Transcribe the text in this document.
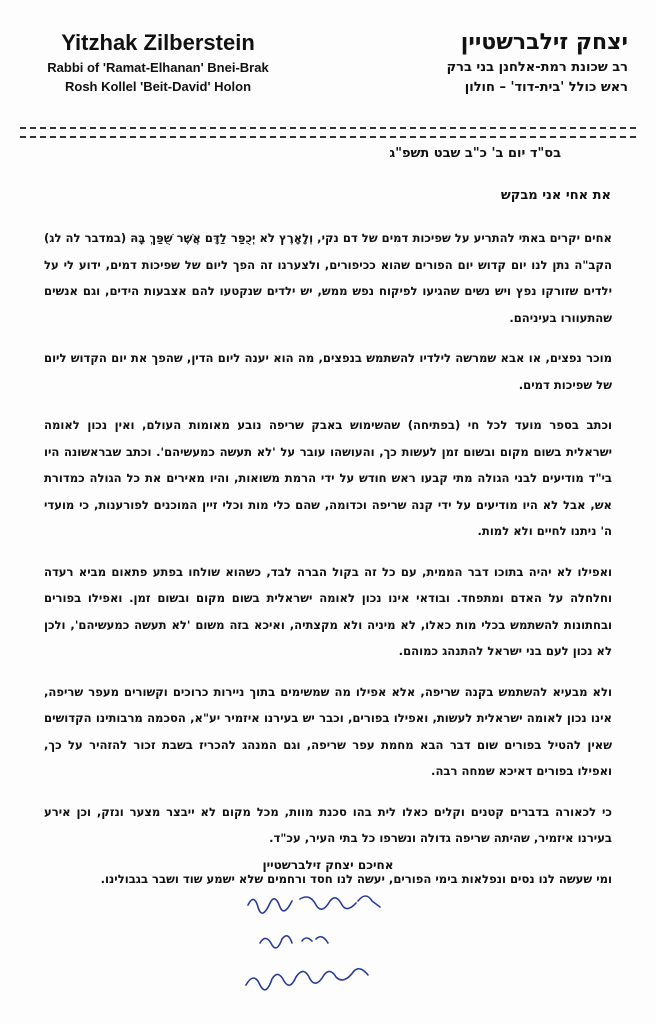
Yitzhak Zilberstein
Rabbi of 'Ramat-Elhanan' Bnei-Brak
Rosh Kollel 'Beit-David' Holon
יצחק זילברשטיין
רב שכונת רמת-אלחנן בני ברק
ראש כולל 'בית-דוד' – חולון
בס"ד יום ב' כ"ב שבט תשפ"ג
את אחי אני מבקש

אחים יקרים באתי להתריע על שפיכות דמים של דם נקי, וְלָאָרֶץ לֹא יְכֻפַּר לַדָּם אֲשֶׁר שֻׁפַּךְ בָּהּ (במדבר לה לג) הקב"ה נתן לנו יום קדוש יום הפורים שהוא ככיפורים, ולצערנו זה הפך ליום של שפיכות דמים, ידוע לי על ילדים שזורקו נפץ ויש נשים שהגיעו לפיקוח נפש ממש, יש ילדים שנקטעו להם אצבעות הידים, וגם אנשים שהתעוורו בעיניהם.

מוכר נפצים, או אבא שמרשה לילדיו להשתמש בנפצים, מה הוא יענה ליום הדין, שהפך את יום הקדוש ליום של שפיכות דמים.

וכתב בספר מועד לכל חי (בפתיחה) שהשימוש באבק שריפה נובע מאומות העולם, ואין נכון לאומה ישראלית בשום מקום ובשום זמן לעשות כך, והעושהו עובר על 'לא תעשה כמעשיהם'. וכתב שבראשונה היו בי"ד מודיעים לבני הגולה מתי קבעו ראש חודש על ידי הרמת משואות, והיו מאירים את כל הגולה כמדורת אש, אבל לא היו מודיעים על ידי קנה שריפה וכדומה, שהם כלי מות וכלי זיין המוכנים לפורענות, כי מועדי ה' ניתנו לחיים ולא למות.

ואפילו לא יהיה בתוכו דבר הממית, עם כל זה בקול הברה לבד, כשהוא שולחו בפתע פתאום מביא רעדה וחלחלה על האדם ומתפחד. ובודאי אינו נכון לאומה ישראלית בשום מקום ובשום זמן. ואפילו בפורים ובחתונות להשתמש בכלי מות כאלו, לא מיניה ולא מקצתיה, ואיכא בזה משום 'לא תעשה כמעשיהם', ולכן לא נכון לעם בני ישראל להתנהג כמוהם.

ולא מבעיא להשתמש בקנה שריפה, אלא אפילו מה שמשימים בתוך ניירות כרוכים וקשורים מעפר שריפה, אינו נכון לאומה ישראלית לעשות, ואפילו בפורים, וכבר יש בעירנו איזמיר יע"א, הסכמה מרבותינו הקדושים שאין להטיל בפורים שום דבר הבא מחמת עפר שריפה, וגם המנהג להכריז בשבת זכור להזהיר על כך, ואפילו בפורים דאיכא שמחה רבה.

כי לכאורה בדברים קטנים וקלים כאלו לית בהו סכנת מוות, מכל מקום לא ייבצר מצער ונזק, וכן אירע בעירנו איזמיר, שהיתה שריפה גדולה ונשרפו כל בתי העיר, עכ"ד.

ומי שעשה לנו נסים ונפלאות בימי הפורים, יעשה לנו חסד ורחמים שלא ישמע שוד ושבר בגבולינו.

אחיכם יצחק זילברשטיין
